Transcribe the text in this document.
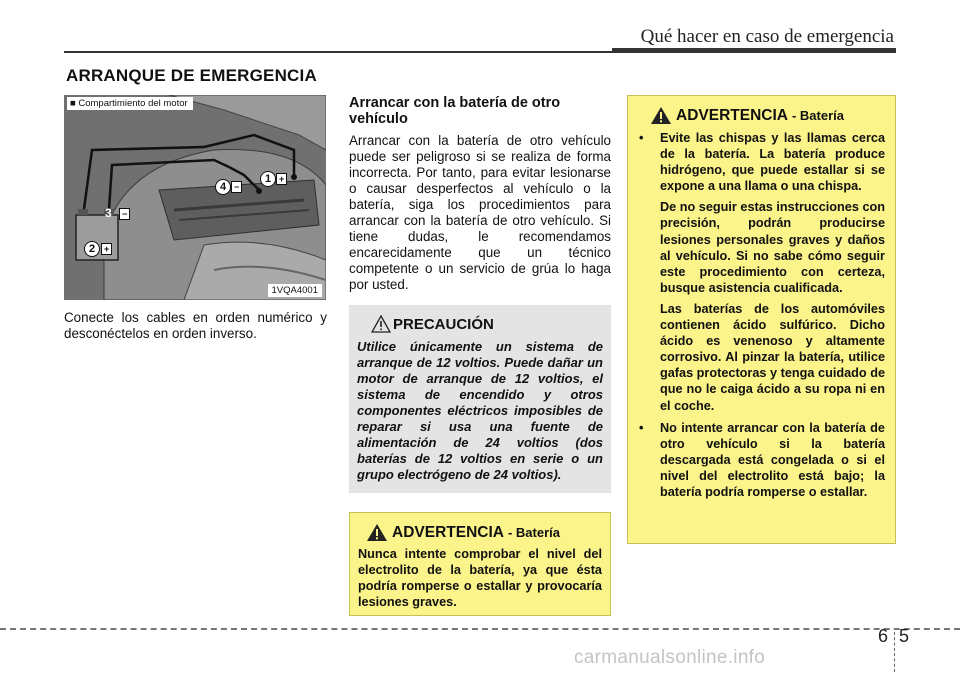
Qué hacer en caso de emergencia
ARRANQUE DE EMERGENCIA
■ Compartimiento del motor
1 +
4 −
3	−
2 +
1VQA4001
Conecte los cables en orden numérico y desconéctelos en orden inverso.
Arrancar con la batería de otro vehículo
Arrancar con la batería de otro vehículo puede ser peligroso si se realiza de forma incorrecta. Por tanto, para evitar lesionarse o causar desperfectos al vehículo o la batería, siga los procedimientos para arrancar con la batería de otro vehículo. Si tiene dudas, le recomendamos encarecidamente que un técnico competente o un servicio de grúa lo haga por usted.
PRECAUCIÓN
Utilice únicamente un sistema de arranque de 12 voltios. Puede dañar un motor de arranque de 12 voltios, el sistema de encendido y otros componentes eléctricos imposibles de reparar si usa una fuente de alimentación de 24 voltios (dos baterías de 12 voltios en serie o un grupo electrógeno de 24 voltios).
ADVERTENCIA - Batería
Nunca intente comprobar el nivel del electrolito de la batería, ya que ésta podría romperse o estallar y provocaría lesiones graves.
ADVERTENCIA - Batería
• Evite las chispas y las llamas cerca de la batería. La batería produce hidrógeno, que puede estallar si se expone a una llama o una chispa.

De no seguir estas instrucciones con precisión, podrán producirse lesiones personales graves y daños al vehículo. Si no sabe cómo seguir este procedimiento con certeza, busque asistencia cualificada.

Las baterías de los automóviles contienen ácido sulfúrico. Dicho ácido es venenoso y altamente corrosivo. Al pinzar la batería, utilice gafas protectoras y tenga cuidado de que no le caiga ácido a su ropa ni en el coche.

• No intente arrancar con la batería de otro vehículo si la batería descargada está congelada o si el nivel del electrolito está bajo; la batería podría romperse o estallar.

6 5
carmanualsonline.info
